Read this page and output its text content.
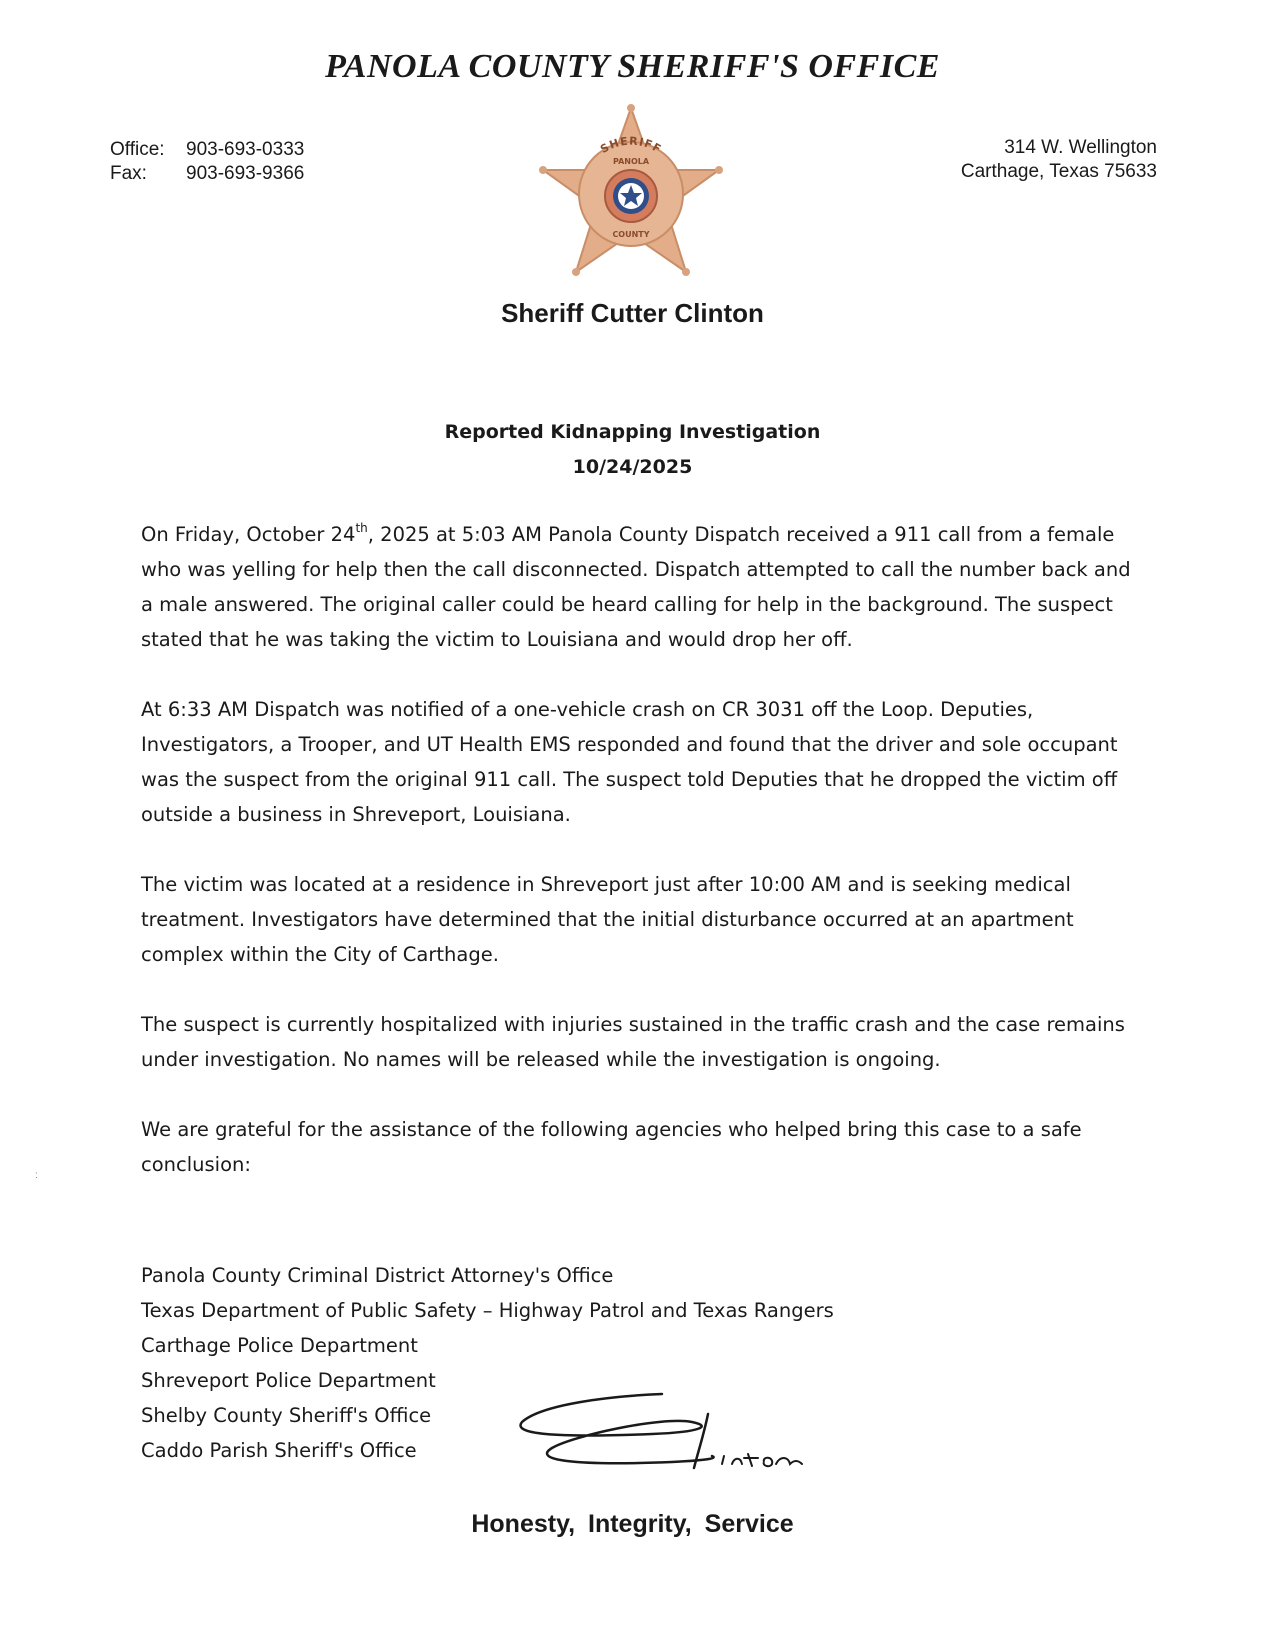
PANOLA COUNTY SHERIFF'S OFFICE
Office:	903-693-0333
Fax:	903-693-9366
314 W. Wellington
Carthage, Texas 75633
SHERIFF
PANOLA
COUNTY
Sheriff Cutter Clinton
Reported Kidnapping Investigation
10/24/2025

On Friday, October 24th, 2025 at 5:03 AM Panola County Dispatch received a 911 call from a female who was yelling for help then the call disconnected. Dispatch attempted to call the number back and a male answered. The original caller could be heard calling for help in the background. The suspect stated that he was taking the victim to Louisiana and would drop her off.

At 6:33 AM Dispatch was notified of a one-vehicle crash on CR 3031 off the Loop. Deputies, Investigators, a Trooper, and UT Health EMS responded and found that the driver and sole occupant was the suspect from the original 911 call. The suspect told Deputies that he dropped the victim off outside a business in Shreveport, Louisiana.

The victim was located at a residence in Shreveport just after 10:00 AM and is seeking medical treatment. Investigators have determined that the initial disturbance occurred at an apartment complex within the City of Carthage.

The suspect is currently hospitalized with injuries sustained in the traffic crash and the case remains under investigation. No names will be released while the investigation is ongoing.

We are grateful for the assistance of the following agencies who helped bring this case to a safe conclusion:

Panola County Criminal District Attorney's Office
Texas Department of Public Safety – Highway Patrol and Texas Rangers
Carthage Police Department
Shreveport Police Department
Shelby County Sheriff's Office
Caddo Parish Sheriff's Office

Honesty, Integrity, Service

:
